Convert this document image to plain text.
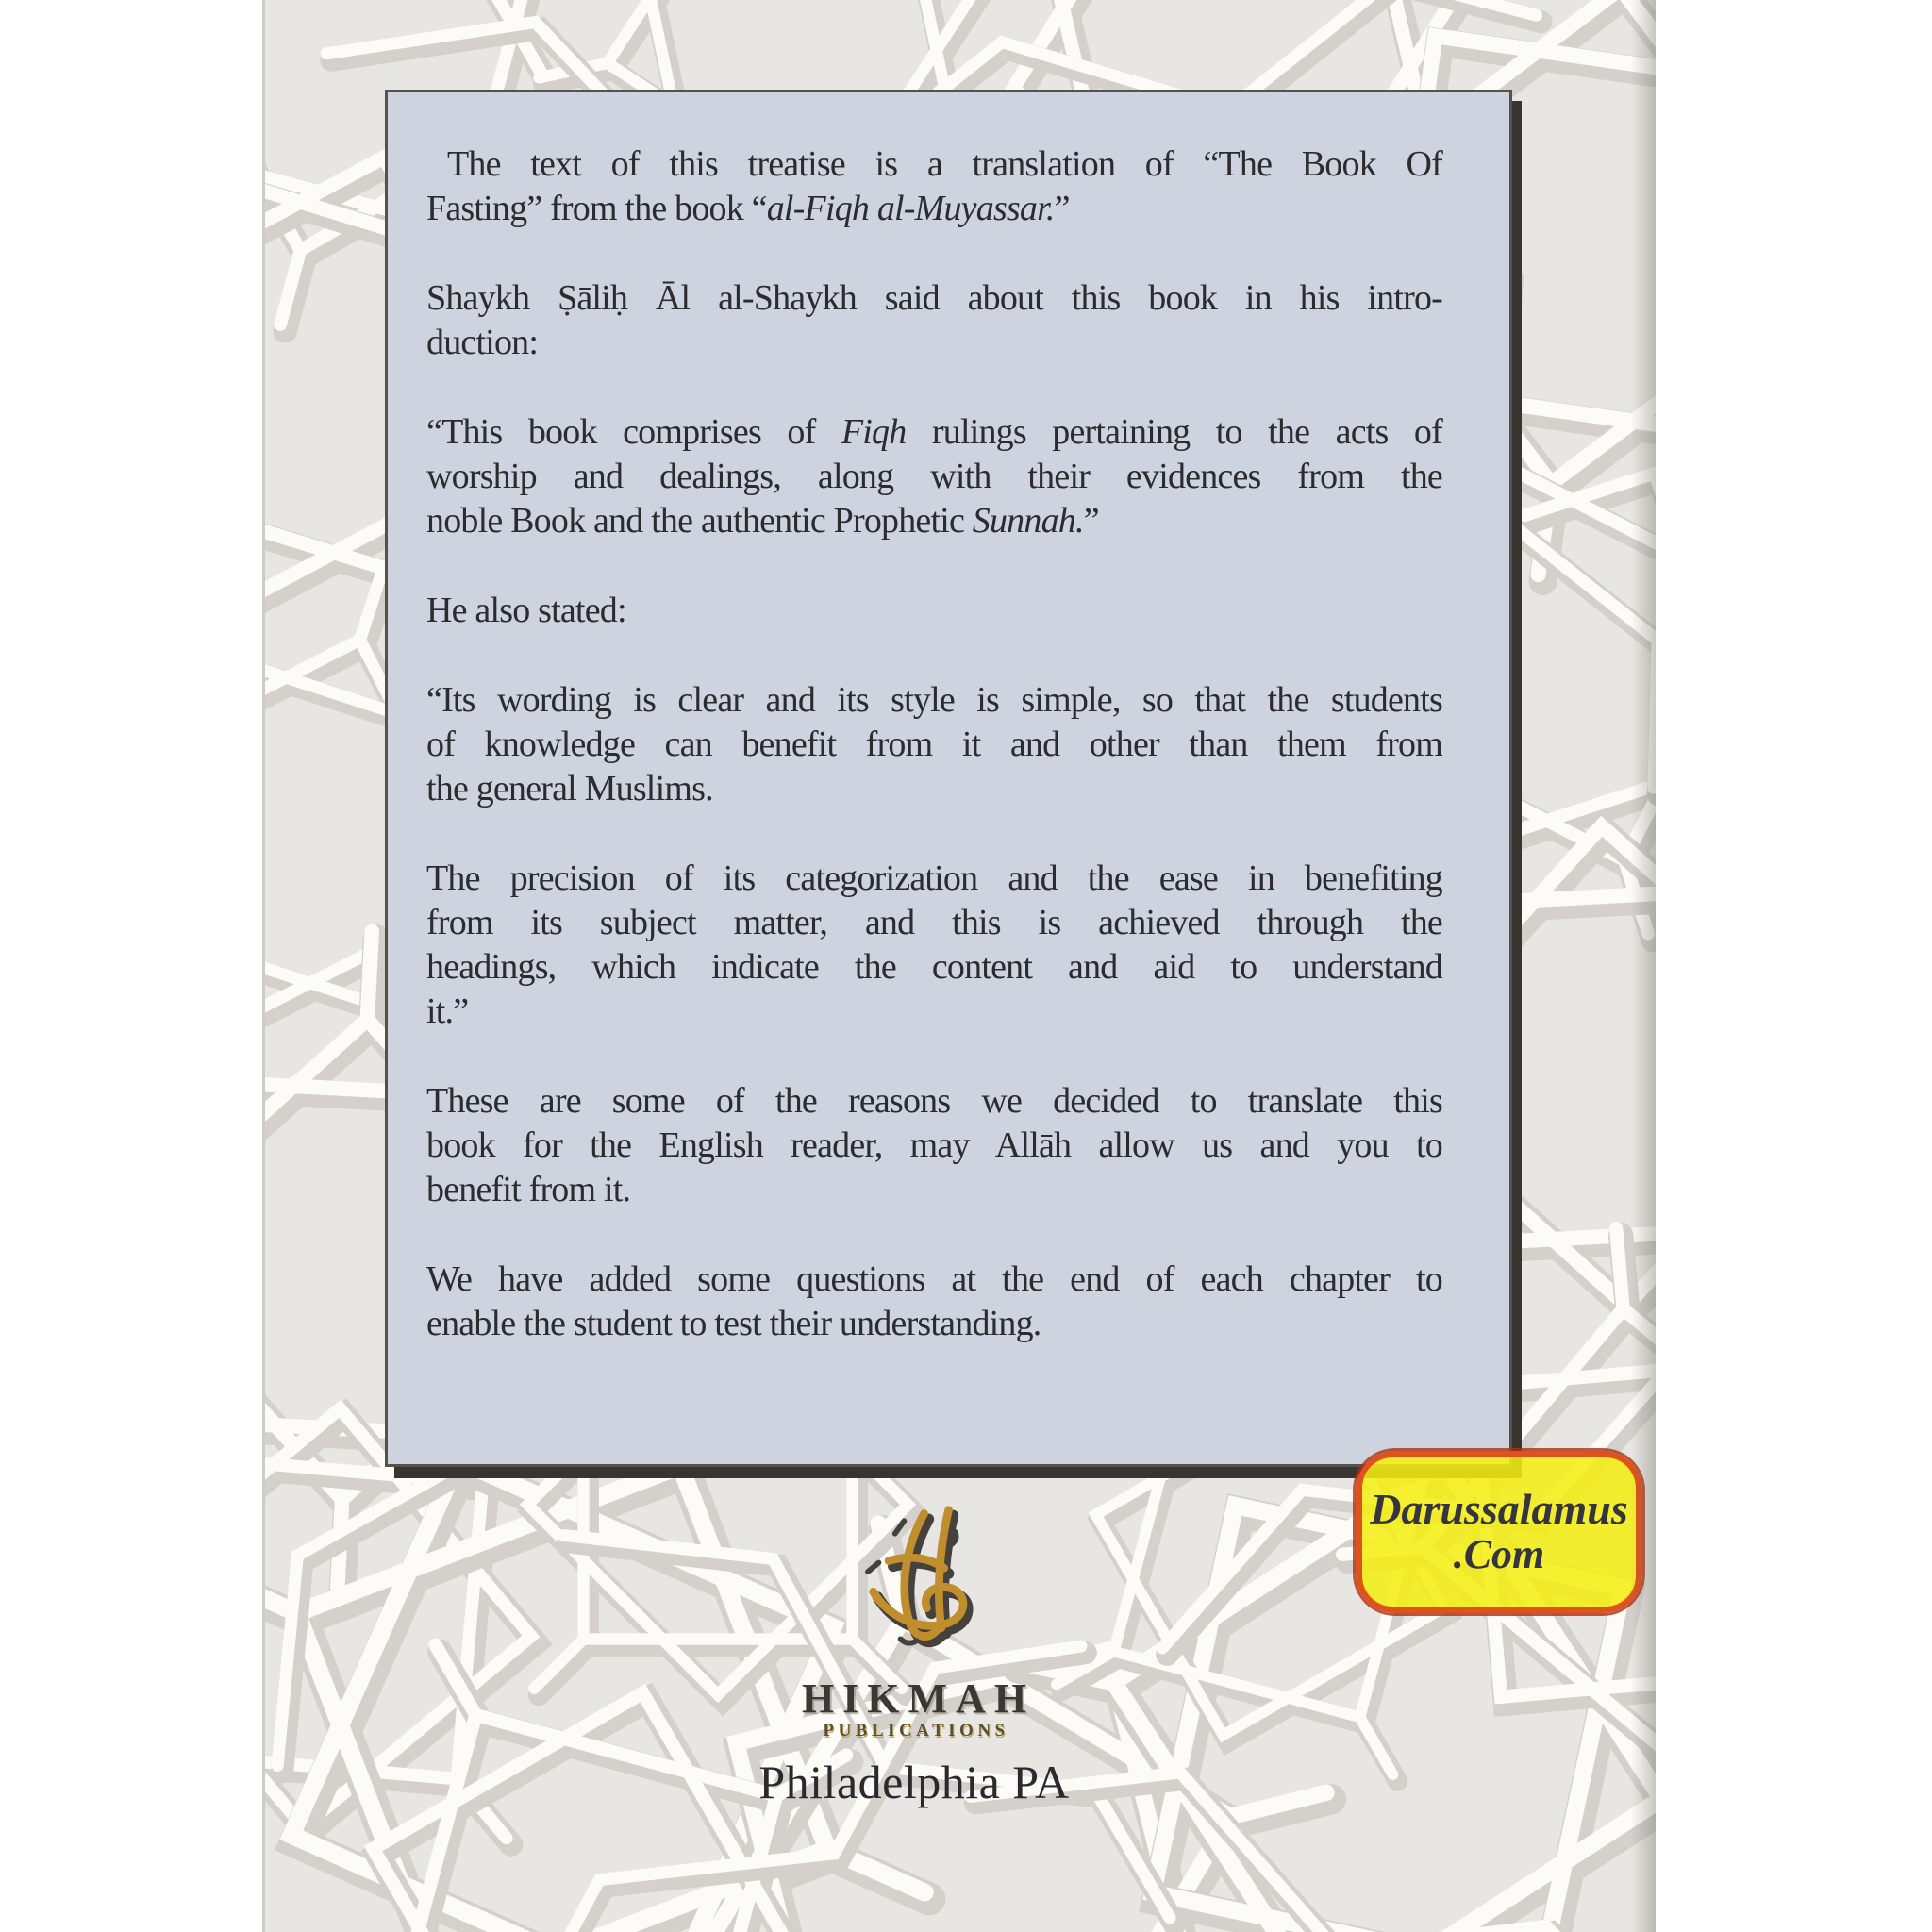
The text of this treatise is a translation of “The Book Of
Fasting” from the book “al-Fiqh al-Muyassar.”

Shaykh Ṣāliḥ Āl al-Shaykh said about this book in his intro-
duction:

“This book comprises of Fiqh rulings pertaining to the acts of
worship and dealings, along with their evidences from the
noble Book and the authentic Prophetic Sunnah.”

He also stated:

“Its wording is clear and its style is simple, so that the students
of knowledge can benefit from it and other than them from
the general Muslims.

The precision of its categorization and the ease in benefiting
from its subject matter, and this is achieved through the
headings, which indicate the content and aid to understand
it.”

These are some of the reasons we decided to translate this
book for the English reader, may Allāh allow us and you to
benefit from it.

We have added some questions at the end of each chapter to
enable the student to test their understanding.

HIKMAH
PUBLICATIONS
Philadelphia PA
Darussalamus
.Com
